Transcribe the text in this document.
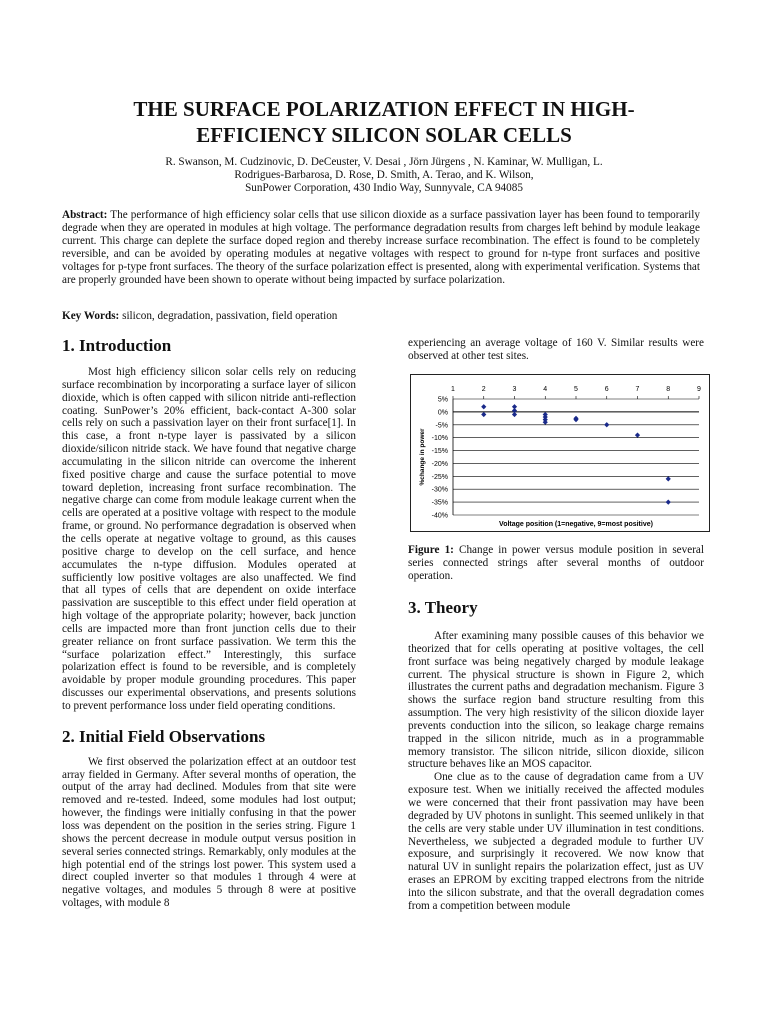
THE SURFACE POLARIZATION EFFECT IN HIGH-
EFFICIENCY SILICON SOLAR CELLS
R. Swanson, M. Cudzinovic, D. DeCeuster, V. Desai , Jörn Jürgens , N. Kaminar, W. Mulligan, L.
Rodrigues-Barbarosa, D. Rose, D. Smith, A. Terao, and K. Wilson,
SunPower Corporation, 430 Indio Way, Sunnyvale, CA 94085

Abstract: The performance of high efficiency solar cells that use silicon dioxide as a surface passivation layer has been found to temporarily degrade when they are operated in modules at high voltage. The performance degradation results from charges left behind by module leakage current. This charge can deplete the surface doped region and thereby increase surface recombination. The effect is found to be completely reversible, and can be avoided by operating modules at negative voltages with respect to ground for n-type front surfaces and positive voltages for p-type front surfaces. The theory of the surface polarization effect is presented, along with experimental verification. Systems that are properly grounded have been shown to operate without being impacted by surface polarization.

Key Words: silicon, degradation, passivation, field operation

1. Introduction

Most high efficiency silicon solar cells rely on reducing surface recombination by incorporating a surface layer of silicon dioxide, which is often capped with silicon nitride anti-reflection coating. SunPower’s 20% efficient, back-contact A-300 solar cells rely on such a passivation layer on their front surface[1]. In this case, a front n-type layer is passivated by a silicon dioxide/silicon nitride stack. We have found that negative charge accumulating in the silicon nitride can overcome the inherent fixed positive charge and cause the surface potential to move toward depletion, increasing front surface recombination. The negative charge can come from module leakage current when the cells are operated at a positive voltage with respect to the module frame, or ground. No performance degradation is observed when the cells operate at negative voltage to ground, as this causes positive charge to develop on the cell surface, and hence accumulates the n-type diffusion. Modules operated at sufficiently low positive voltages are also unaffected. We find that all types of cells that are dependent on oxide interface passivation are susceptible to this effect under field operation at high voltage of the appropriate polarity; however, back junction cells are impacted more than front junction cells due to their greater reliance on front surface passivation. We term this the “surface polarization effect.” Interestingly, this surface polarization effect is found to be reversible, and is completely avoidable by proper module grounding procedures. This paper discusses our experimental observations, and presents solutions to prevent performance loss under field operating conditions.

2. Initial Field Observations

We first observed the polarization effect at an outdoor test array fielded in Germany. After several months of operation, the output of the array had declined. Modules from that site were removed and re-tested. Indeed, some modules had lost output; however, the findings were initially confusing in that the power loss was dependent on the position in the series string. Figure 1 shows the percent decrease in module output versus position in several series connected strings. Remarkably, only modules at the high potential end of the strings lost power. This system used a direct coupled inverter so that modules 1 through 4 were at negative voltages, and modules 5 through 8 were at positive voltages, with module 8

experiencing an average voltage of 160 V. Similar results were observed at other test sites.

5%
0%
-5%
-10%
-15%
-20%
-25%
-30%
-35%
-40%
1	2	3	4	5	6	7	8	9
Voltage position (1=negative, 9=most positive)
%change in power
Figure 1: Change in power versus module position in several series connected strings after several months of outdoor operation.
3. Theory

After examining many possible causes of this behavior we theorized that for cells operating at positive voltages, the cell front surface was being negatively charged by module leakage current. The physical structure is shown in Figure 2, which illustrates the current paths and degradation mechanism. Figure 3 shows the surface region band structure resulting from this assumption. The very high resistivity of the silicon dioxide layer prevents conduction into the silicon, so leakage charge remains trapped in the silicon nitride, much as in a programmable memory transistor. The silicon nitride, silicon dioxide, silicon structure behaves like an MOS capacitor.

One clue as to the cause of degradation came from a UV exposure test. When we initially received the affected modules we were concerned that their front passivation may have been degraded by UV photons in sunlight. This seemed unlikely in that the cells are very stable under UV illumination in test conditions. Nevertheless, we subjected a degraded module to further UV exposure, and surprisingly it recovered. We now know that natural UV in sunlight repairs the polarization effect, just as UV erases an EPROM by exciting trapped electrons from the nitride into the silicon substrate, and that the overall degradation comes from a competition between module
